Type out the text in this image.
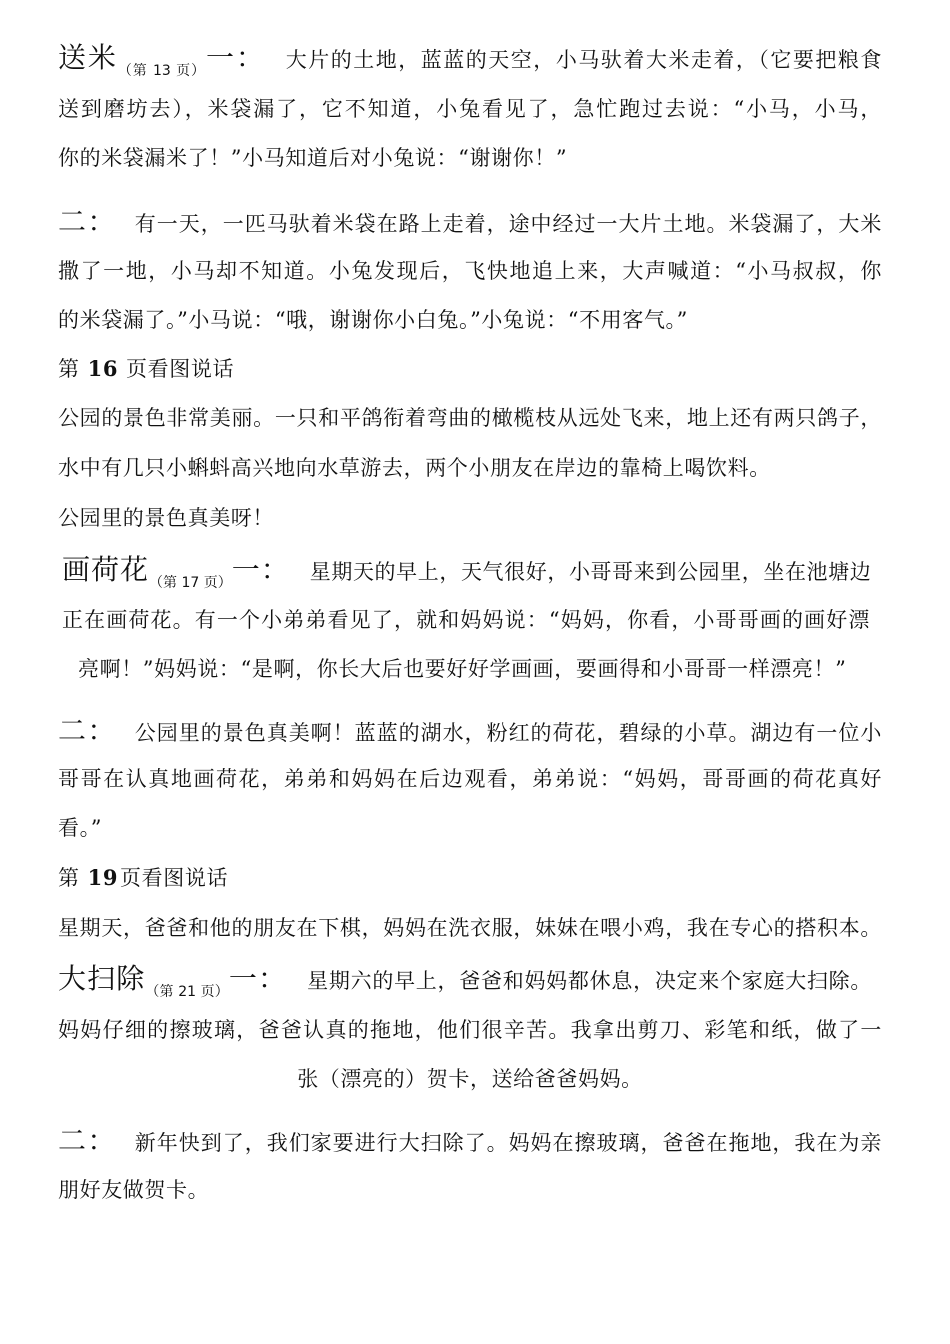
送米$_{(第 13 页)}$一： 大片的土地，蓝蓝的天空，小马驮着大米走着，（它要把粮食
送到磨坊去），米袋漏了，它不知道，小兔看见了，急忙跑过去说：“小马，小马，
你的米袋漏米了！”小马知道后对小兔说：“谢谢你！”
二： 有一天，一匹马驮着米袋在路上走着，途中经过一大片土地。米袋漏了，大米
撒了一地，小马却不知道。小兔发现后，飞快地追上来，大声喊道：“小马叔叔，你
的米袋漏了。”小马说：“哦，谢谢你小白兔。”小兔说：“不用客气。”
第 16 页看图说话
公园的景色非常美丽。一只和平鸽衔着弯曲的橄榄枝从远处飞来，地上还有两只鸽子，
水中有几只小蝌蚪高兴地向水草游去，两个小朋友在岸边的靠椅上喝饮料。
公园里的景色真美呀！
画荷花$_{(第 17 页)}$一： 星期天的早上，天气很好，小哥哥来到公园里，坐在池塘边
正在画荷花。有一个小弟弟看见了，就和妈妈说：“妈妈，你看，小哥哥画的画好漂
亮啊！”妈妈说：“是啊，你长大后也要好好学画画，要画得和小哥哥一样漂亮！”
二： 公园里的景色真美啊！蓝蓝的湖水，粉红的荷花，碧绿的小草。湖边有一位小
哥哥在认真地画荷花，弟弟和妈妈在后边观看，弟弟说：“妈妈，哥哥画的荷花真好
看。”
第 19页看图说话
星期天，爸爸和他的朋友在下棋，妈妈在洗衣服，妹妹在喂小鸡，我在专心的搭积本。
大扫除$_{(第 21 页)}$一： 星期六的早上，爸爸和妈妈都休息，决定来个家庭大扫除。
妈妈仔细的擦玻璃，爸爸认真的拖地，他们很辛苦。我拿出剪刀、彩笔和纸，做了一
张（漂亮的）贺卡，送给爸爸妈妈。
二： 新年快到了，我们家要进行大扫除了。妈妈在擦玻璃，爸爸在拖地，我在为亲
朋好友做贺卡。
